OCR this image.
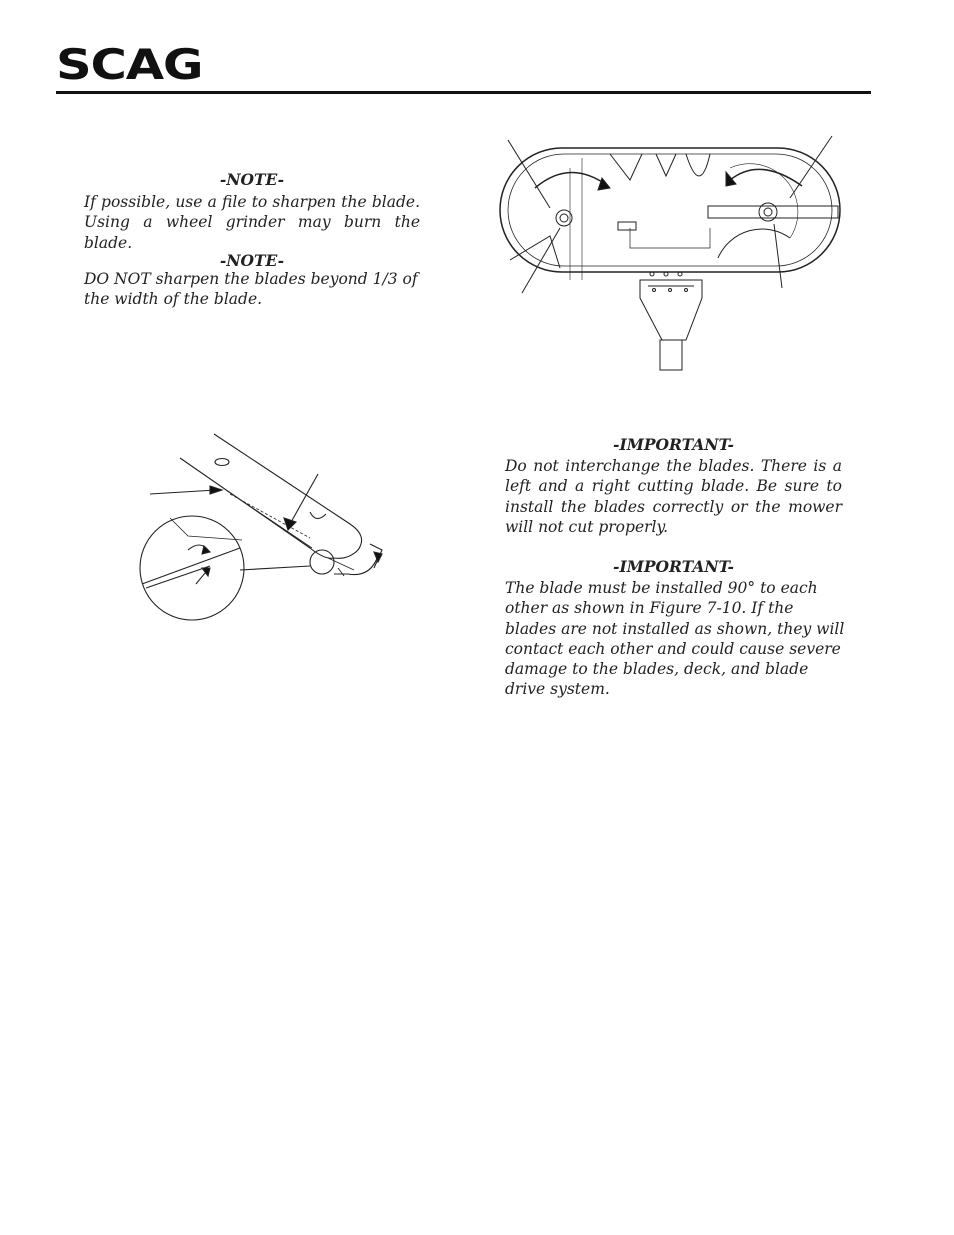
SCAG

-NOTE-

If possible, use a file to sharpen the blade. Using a wheel grinder may burn the blade.

-NOTE-

DO NOT sharpen the blades beyond 1/3 of the width of the blade.

-IMPORTANT-

Do not interchange the blades. There is a left and a right cutting blade. Be sure to install the blades correctly or the mower will not cut properly.

-IMPORTANT-

The blade must be installed 90° to each other as shown in Figure 7-10. If the blades are not installed as shown, they will contact each other and could cause severe damage to the blades, deck, and blade drive system.
